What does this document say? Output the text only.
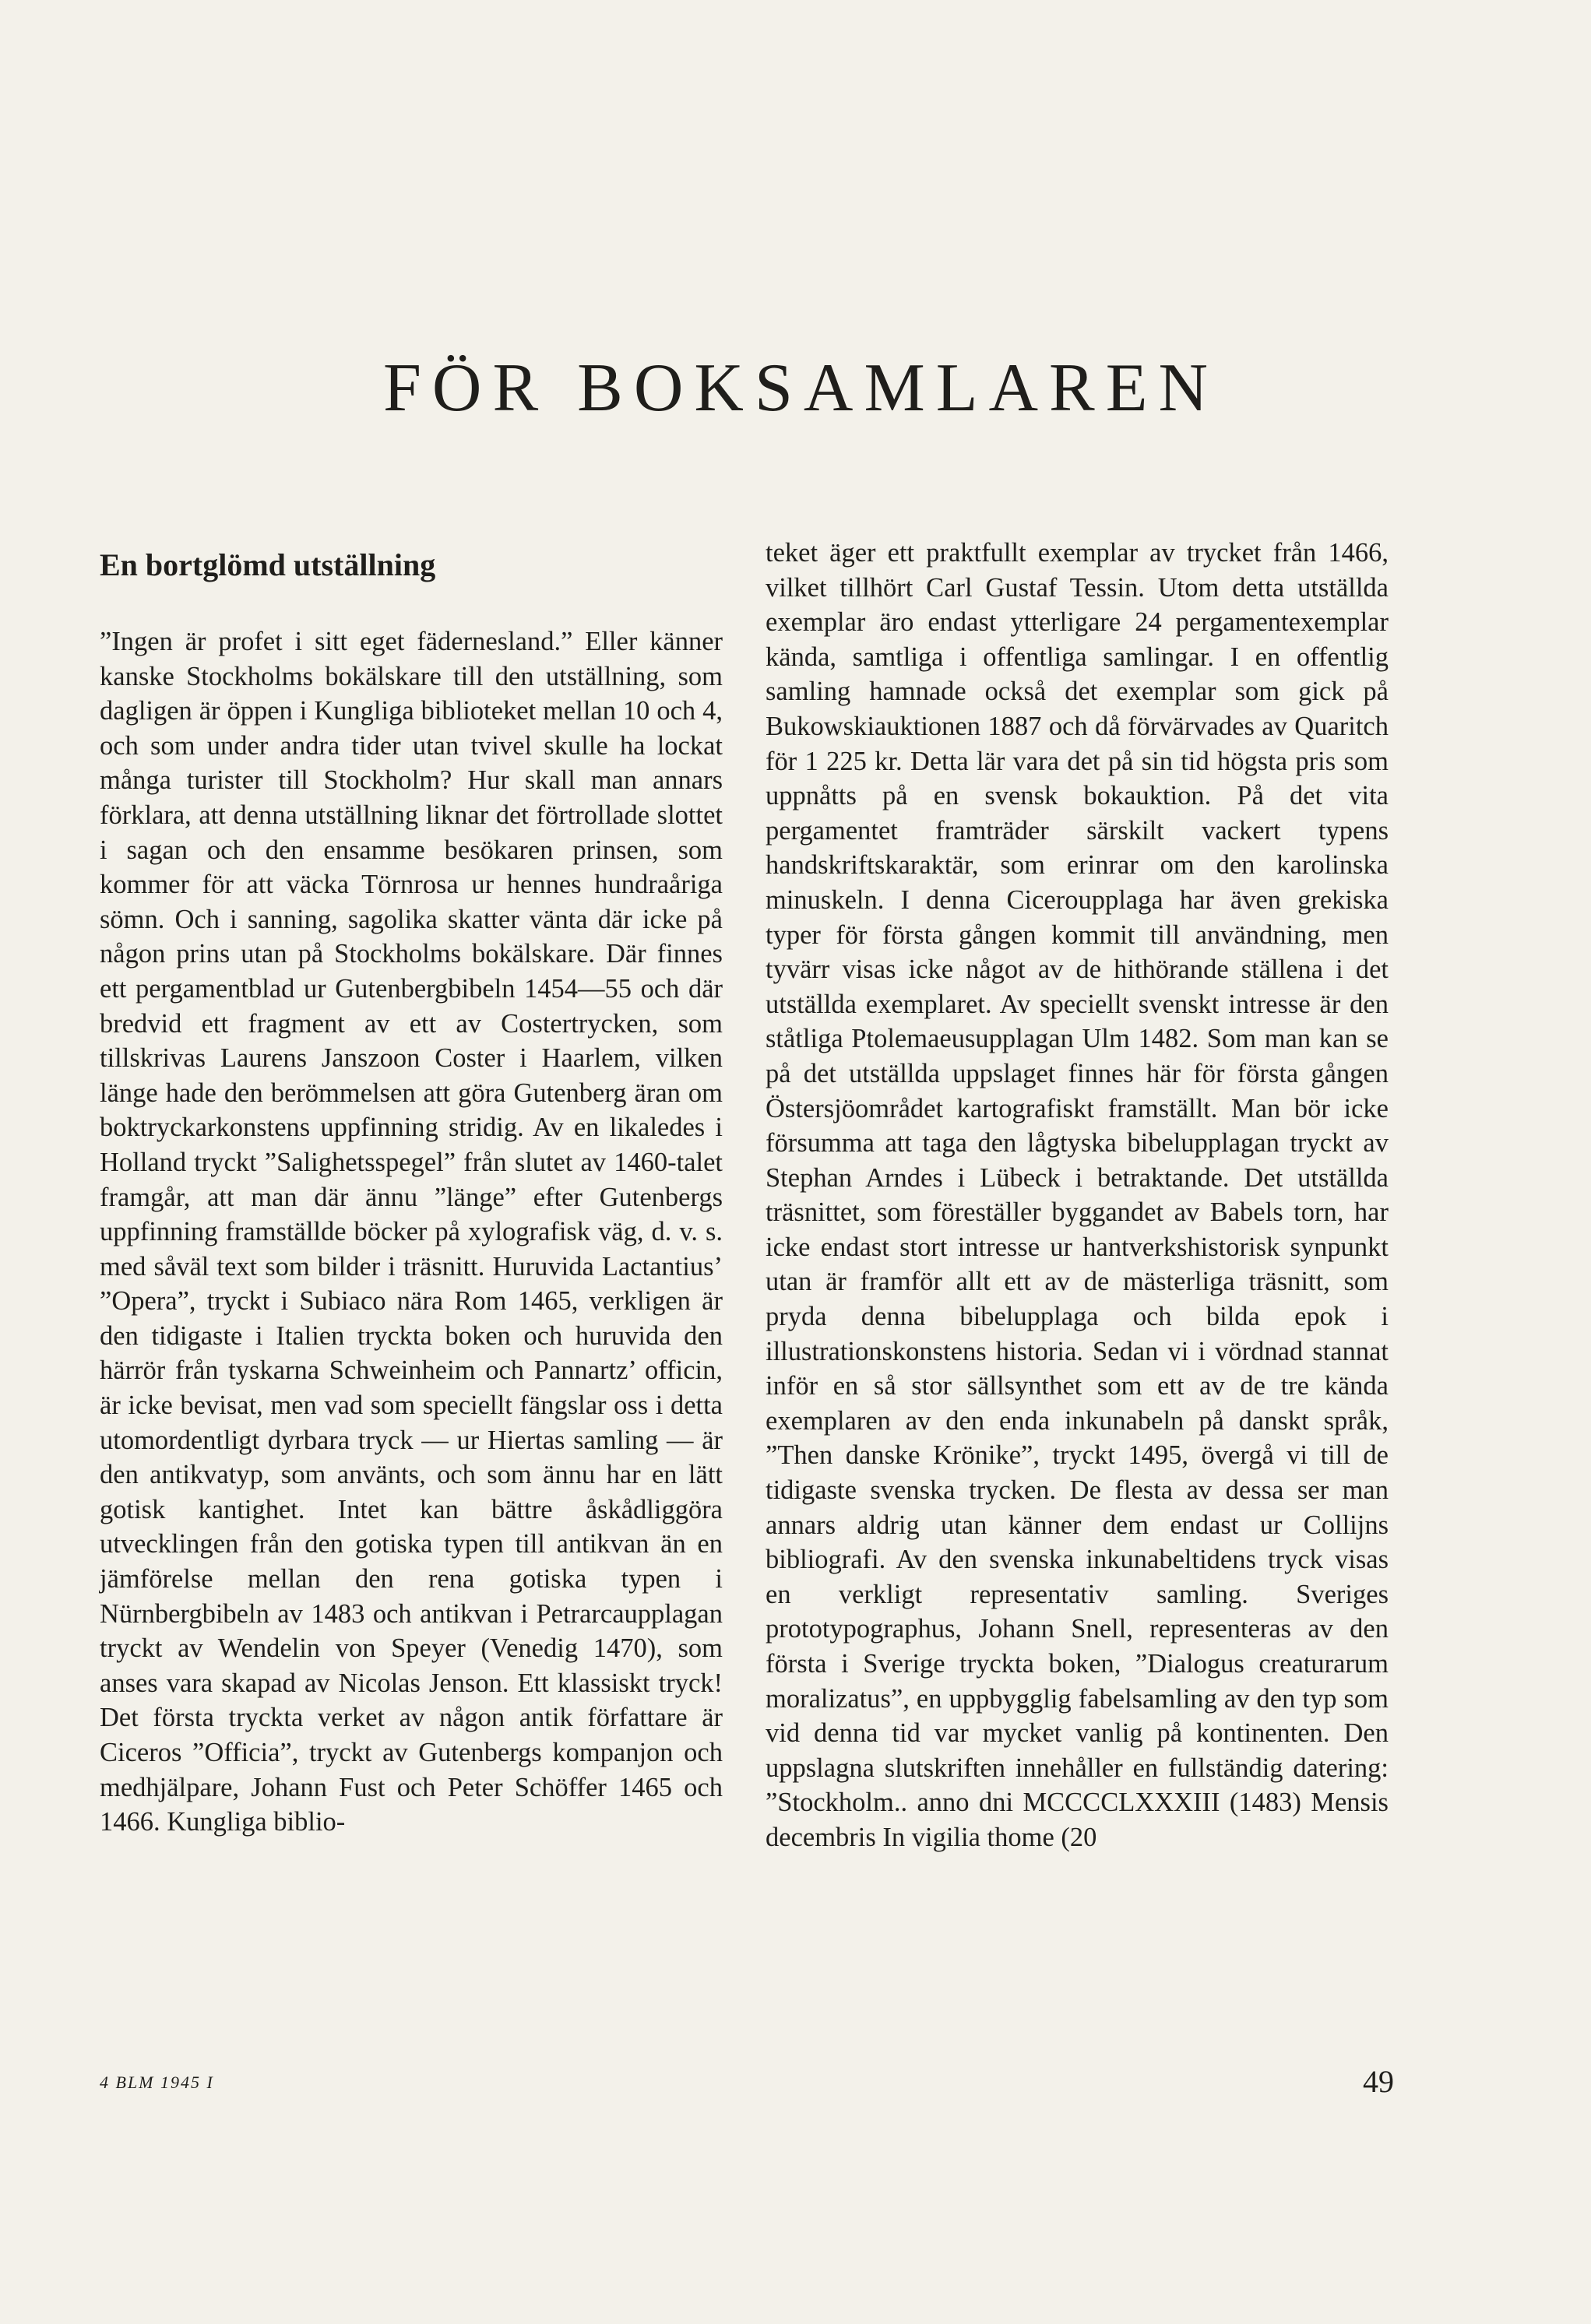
FÖR BOKSAMLAREN
En bortglömd utställning

”Ingen är profet i sitt eget fädernesland.” Eller känner kanske Stockholms bokälskare till den utställning, som dagligen är öppen i Kungliga biblioteket mellan 10 och 4, och som under andra tider utan tvivel skulle ha lockat många turister till Stockholm? Hur skall man annars förklara, att denna utställning liknar det förtrollade slottet i sagan och den ensamme besökaren prinsen, som kommer för att väcka Törnrosa ur hennes hundraåriga sömn. Och i sanning, sagolika skatter vänta där icke på någon prins utan på Stockholms bokälskare. Där finnes ett pergamentblad ur Gutenbergbibeln 1454—55 och där bredvid ett fragment av ett av Costertrycken, som tillskrivas Laurens Janszoon Coster i Haarlem, vilken länge hade den berömmelsen att göra Gutenberg äran om boktryckarkonstens uppfinning stridig. Av en likaledes i Holland tryckt ”Salighetsspegel” från slutet av 1460-talet framgår, att man där ännu ”länge” efter Gutenbergs uppfinning framställde böcker på xylografisk väg, d. v. s. med såväl text som bilder i träsnitt. Huruvida Lactantius’ ”Opera”, tryckt i Subiaco nära Rom 1465, verkligen är den tidigaste i Italien tryckta boken och huruvida den härrör från tyskarna Schweinheim och Pannartz’ officin, är icke bevisat, men vad som speciellt fängslar oss i detta utomordentligt dyrbara tryck — ur Hiertas samling — är den antikvatyp, som använts, och som ännu har en lätt gotisk kantighet. Intet kan bättre åskådliggöra utvecklingen från den gotiska typen till antikvan än en jämförelse mellan den rena gotiska typen i Nürnbergbibeln av 1483 och antikvan i Petrarcaupplagan tryckt av Wendelin von Speyer (Venedig 1470), som anses vara skapad av Nicolas Jenson. Ett klassiskt tryck! Det första tryckta verket av någon antik författare är Ciceros ”Officia”, tryckt av Gutenbergs kompanjon och medhjälpare, Johann Fust och Peter Schöffer 1465 och 1466. Kungliga biblio-

teket äger ett praktfullt exemplar av trycket från 1466, vilket tillhört Carl Gustaf Tessin. Utom detta utställda exemplar äro endast ytterligare 24 pergamentexemplar kända, samtliga i offentliga samlingar. I en offentlig samling hamnade också det exemplar som gick på Bukowskiauktionen 1887 och då förvärvades av Quaritch för 1 225 kr. Detta lär vara det på sin tid högsta pris som uppnåtts på en svensk bokauktion. På det vita pergamentet framträder särskilt vackert typens handskriftskaraktär, som erinrar om den karolinska minuskeln. I denna Ciceroupplaga har även grekiska typer för första gången kommit till användning, men tyvärr visas icke något av de hithörande ställena i det utställda exemplaret. Av speciellt svenskt intresse är den ståtliga Ptolemaeusupplagan Ulm 1482. Som man kan se på det utställda uppslaget finnes här för första gången Östersjöområdet kartografiskt framställt. Man bör icke försumma att taga den lågtyska bibelupplagan tryckt av Stephan Arndes i Lübeck i betraktande. Det utställda träsnittet, som föreställer byggandet av Babels torn, har icke endast stort intresse ur hantverkshistorisk synpunkt utan är framför allt ett av de mästerliga träsnitt, som pryda denna bibelupplaga och bilda epok i illustrationskonstens historia. Sedan vi i vördnad stannat inför en så stor sällsynthet som ett av de tre kända exemplaren av den enda inkunabeln på danskt språk, ”Then danske Krönike”, tryckt 1495, övergå vi till de tidigaste svenska trycken. De flesta av dessa ser man annars aldrig utan känner dem endast ur Collijns bibliografi. Av den svenska inkunabeltidens tryck visas en verkligt representativ samling. Sveriges prototypographus, Johann Snell, representeras av den första i Sverige tryckta boken, ”Dialogus creaturarum moralizatus”, en uppbygglig fabelsamling av den typ som vid denna tid var mycket vanlig på kontinenten. Den uppslagna slutskriften innehåller en fullständig datering: ”Stockholm.. anno dni MCCCCLXXXIII (1483) Mensis decembris In vigilia thome (20

4 BLM 1945 I	49
